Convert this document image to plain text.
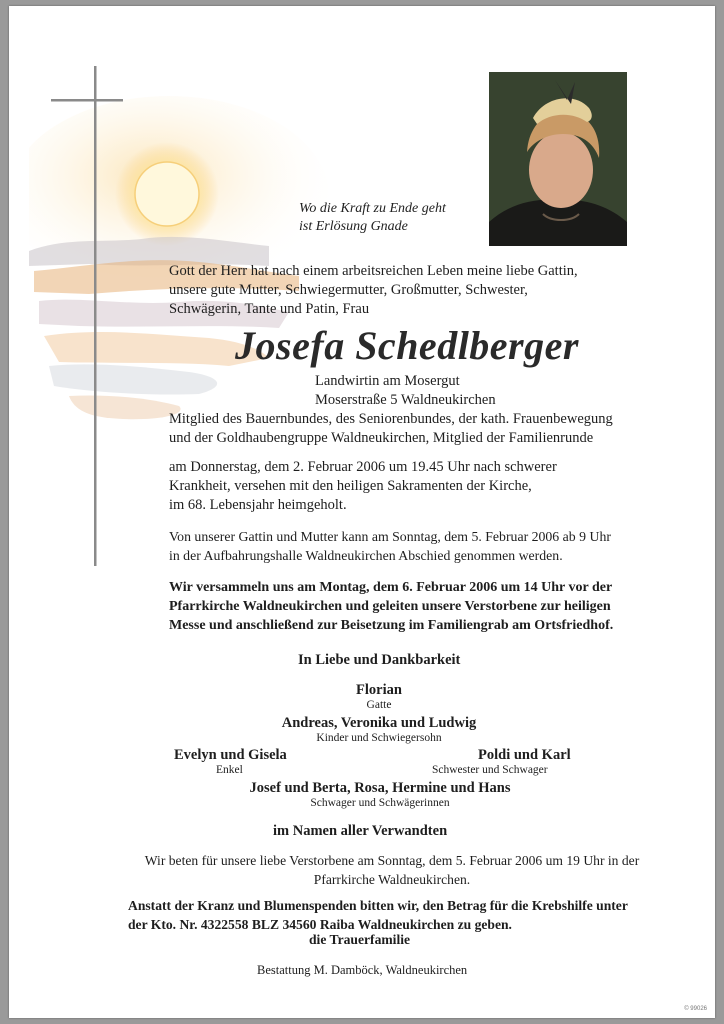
Wo die Kraft zu Ende geht
ist Erlösung Gnade
Gott der Herr hat nach einem arbeitsreichen Leben meine liebe Gattin,
unsere gute Mutter, Schwiegermutter, Großmutter, Schwester,
Schwägerin, Tante und Patin, Frau
Josefa Schedlberger
Landwirtin am Mosergut
Moserstraße 5 Waldneukirchen
Mitglied des Bauernbundes, des Seniorenbundes, der kath. Frauenbewegung
und der Goldhaubengruppe Waldneukirchen, Mitglied der Familienrunde
am Donnerstag, dem 2. Februar 2006 um 19.45 Uhr nach schwerer
Krankheit, versehen mit den heiligen Sakramenten der Kirche,
im 68. Lebensjahr heimgeholt.
Von unserer Gattin und Mutter kann am Sonntag, dem 5. Februar 2006 ab 9 Uhr
in der Aufbahrungshalle Waldneukirchen Abschied genommen werden.
Wir versammeln uns am Montag, dem 6. Februar 2006 um 14 Uhr vor der
Pfarrkirche Waldneukirchen und geleiten unsere Verstorbene zur heiligen
Messe und anschließend zur Beisetzung im Familiengrab am Ortsfriedhof.
In Liebe und Dankbarkeit
Florian
Gatte
Andreas, Veronika und Ludwig
Kinder und Schwiegersohn
Evelyn und Gisela
Enkel
Poldi und Karl
Schwester und Schwager
Josef und Berta, Rosa, Hermine und Hans
Schwager und Schwägerinnen
im Namen aller Verwandten
Wir beten für unsere liebe Verstorbene am Sonntag, dem 5. Februar 2006 um 19 Uhr in der
Pfarrkirche Waldneukirchen.
Anstatt der Kranz und Blumenspenden bitten wir, den Betrag für die Krebshilfe unter
der Kto. Nr. 4322558 BLZ 34560 Raiba Waldneukirchen zu geben.
die Trauerfamilie
Bestattung M. Damböck, Waldneukirchen
© 99026
